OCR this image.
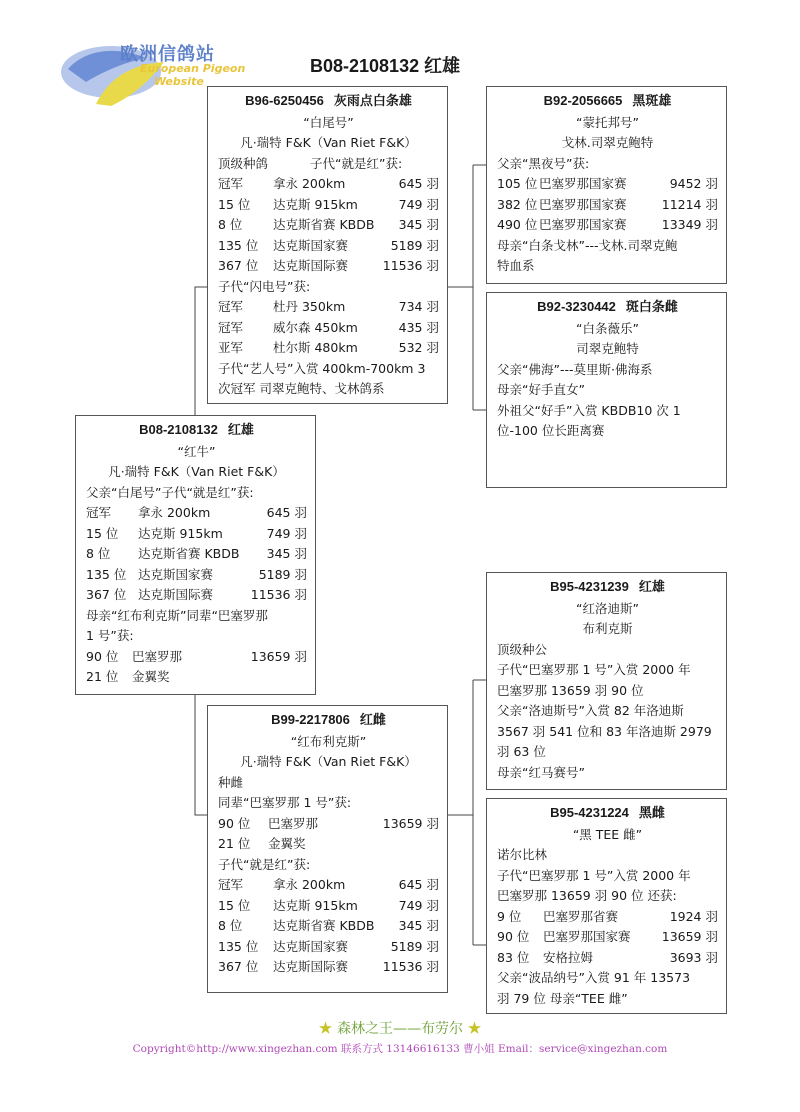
欧洲信鸽站
European Pigeon
Website
B08-2108132 红雄
B96-6250456 灰雨点白条雄
“白尾号”
凡·瑞特 F&K（Van Riet F&K）
顶级种鸽	子代“就是红”获:
冠军	拿永 200km	645 羽
15 位	达克斯 915km	749 羽
8 位	达克斯省赛 KBDB	345 羽
135 位	达克斯国家赛	5189 羽
367 位	达克斯国际赛	11536 羽
子代“闪电号”获:
冠军	杜丹 350km	734 羽
冠军	威尔森 450km	435 羽
亚军	杜尔斯 480km	532 羽
子代“艺人号”入赏 400km-700km 3
次冠军 司翠克鲍特、戈林鸽系
B92-2056665 黑斑雄
“蒙托邦号”
戈林.司翠克鲍特
父亲“黑夜号”获:
105 位 巴塞罗那国家赛	9452 羽
382 位 巴塞罗那国家赛	11214 羽
490 位 巴塞罗那国家赛	13349 羽
母亲“白条戈林”---戈林.司翠克鲍
特血系
B92-3230442 斑白条雌
“白条薇乐”
司翠克鲍特
父亲“佛海”---莫里斯·佛海系
母亲“好手直女”
外祖父“好手”入赏 KBDB10 次 1
位-100 位长距离赛
B08-2108132 红雄
“红牛”
凡·瑞特 F&K（Van Riet F&K）
父亲“白尾号”子代“就是红”获:
冠军	拿永 200km	645 羽
15 位	达克斯 915km	749 羽
8 位	达克斯省赛 KBDB	345 羽
135 位 达克斯国家赛	5189 羽
367 位 达克斯国际赛	11536 羽
母亲“红布利克斯”同辈“巴塞罗那
1 号”获:
90 位	巴塞罗那	13659 羽
21 位	金翼奖
B99-2217806 红雌
“红布利克斯”
凡·瑞特 F&K（Van Riet F&K）
种雌
同辈“巴塞罗那 1 号”获:
90 位	巴塞罗那	13659 羽
21 位	金翼奖
子代“就是红”获:
冠军	拿永 200km	645 羽
15 位	达克斯 915km	749 羽
8 位	达克斯省赛 KBDB	345 羽
135 位	达克斯国家赛	5189 羽
367 位	达克斯国际赛	11536 羽
B95-4231239 红雄
“红洛迪斯”
布利克斯
顶级种公
子代“巴塞罗那 1 号”入赏 2000 年
巴塞罗那 13659 羽 90 位
父亲“洛迪斯号”入赏 82 年洛迪斯
3567 羽 541 位和 83 年洛迪斯 2979
羽 63 位
母亲“红马赛号”
B95-4231224 黑雌
“黑 TEE 雌”
诺尔比林
子代“巴塞罗那 1 号”入赏 2000 年
巴塞罗那 13659 羽 90 位 还获:
9 位	巴塞罗那省赛	1924 羽
90 位	巴塞罗那国家赛	13659 羽
83 位	安格拉姆	3693 羽
父亲“波品纳号”入赏 91 年 13573
羽 79 位 母亲“TEE 雌”
★ 森林之王——布劳尔 ★
Copyright©http://www.xingezhan.com 联系方式 13146616133 曹小姐 Email：service@xingezhan.com
